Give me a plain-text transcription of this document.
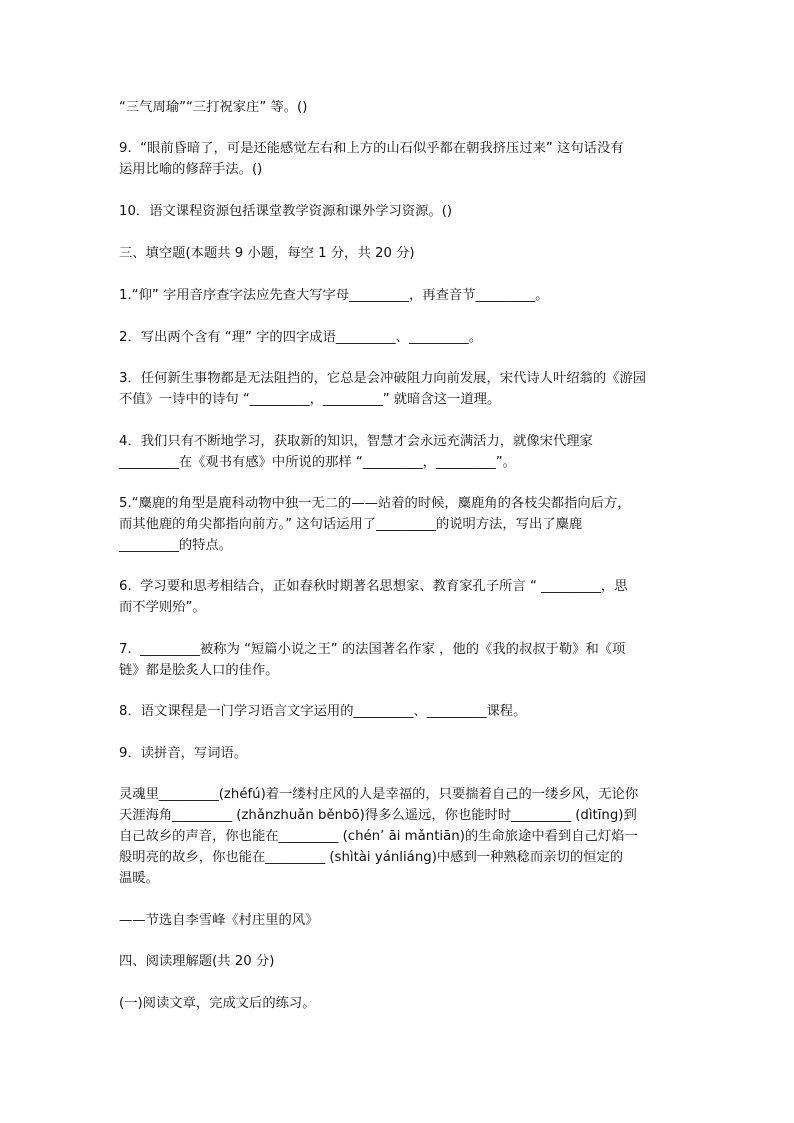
“三气周瑜”“三打祝家庄” 等。()
9.  “眼前昏暗了，可是还能感觉左右和上方的山石似乎都在朝我挤压过来” 这句话没有
运用比喻的修辞手法。()
10．语文课程资源包括课堂教学资源和课外学习资源。()
三、填空题(本题共 9 小题，每空 1 分，共 20 分)
1.“仰” 字用音序查字法应先查大写字母_________，再查音节_________。
2．写出两个含有 “理” 字的四字成语_________、_________。
3．任何新生事物都是无法阻挡的，它总是会冲破阻力向前发展，宋代诗人叶绍翁的《游园
不值》一诗中的诗句 “_________，_________” 就暗含这一道理。
4．我们只有不断地学习，获取新的知识，智慧才会永远充满活力，就像宋代理家
_________在《观书有感》中所说的那样 “_________，_________”。
5.“麋鹿的角型是鹿科动物中独一无二的——站着的时候，麋鹿角的各枝尖都指向后方，
而其他鹿的角尖都指向前方。” 这句话运用了_________的说明方法，写出了麋鹿
_________的特点。
6.  学习要和思考相结合，正如春秋时期著名思想家、教育家孔子所言 “ _________，思
而不学则殆”。
7.  _________被称为 “短篇小说之王” 的法国著名作家 ，他的《我的叔叔于勒》和《项
链》都是脍炙人口的佳作。
8．语文课程是一门学习语言文字运用的_________、_________课程。
9．读拼音，写词语。
灵魂里_________(zhéfú)着一缕村庄风的人是幸福的，只要揣着自己的一缕乡风，无论你
天涯海角_________ (zhǎnzhuǎn běnbō)得多么遥远，你也能时时_________ (dìtīng)到
自己故乡的声音，你也能在_________ (chén’ āi mǎntiān)的生命旅途中看到自己灯焰一
般明亮的故乡，你也能在_________ (shìtài yánliáng)中感到一种熟稔而亲切的恒定的
温暖。
——节选自李雪峰《村庄里的风》
四、阅读理解题(共 20 分)
(一)阅读文章，完成文后的练习。
